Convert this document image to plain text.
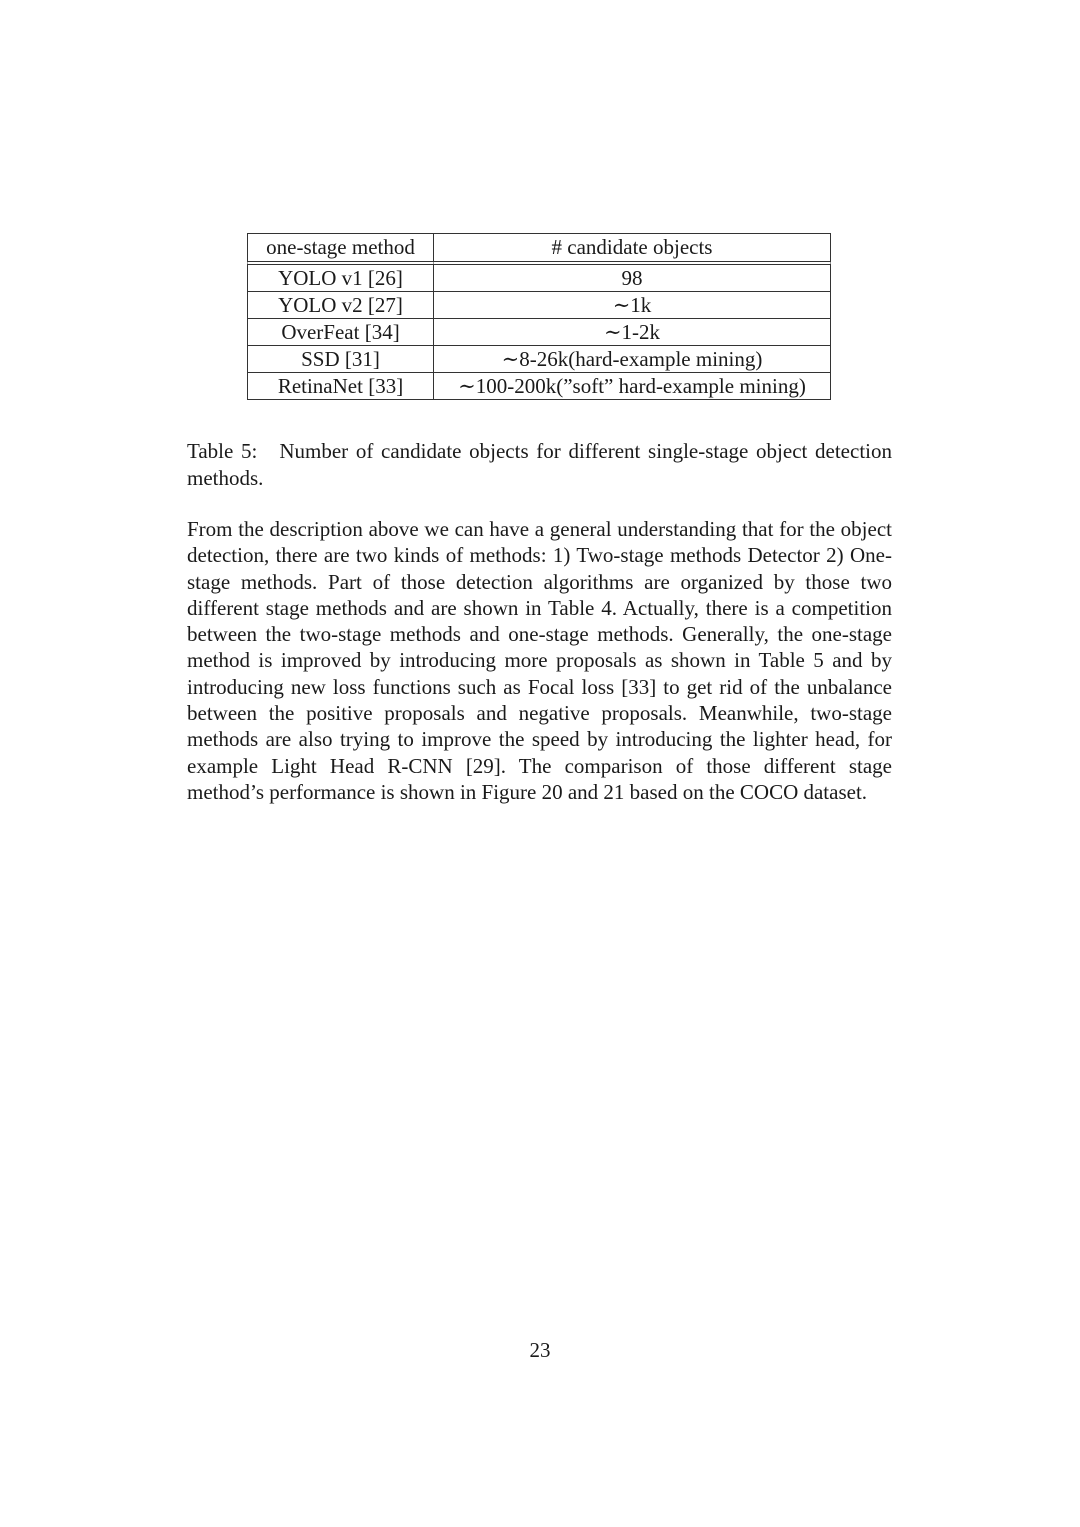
one-stage method	# candidate objects
YOLO v1 [26]	98
YOLO v2 [27]	∼1k
OverFeat [34]	∼1-2k
SSD [31]	∼8-26k(hard-example mining)
RetinaNet [33]	∼100-200k(”soft” hard-example mining)
Table 5: Number of candidate objects for different single-stage object detection methods.

From the description above we can have a general understanding that for the object detection, there are two kinds of methods: 1) Two-stage methods Detector 2) One-stage methods. Part of those detection algorithms are organized by those two different stage methods and are shown in Table 4. Actually, there is a competition between the two-stage methods and one-stage methods. Generally, the one-stage method is improved by introducing more proposals as shown in Table 5 and by introducing new loss functions such as Focal loss [33] to get rid of the unbalance between the positive proposals and negative proposals. Meanwhile, two-stage methods are also trying to improve the speed by introducing the lighter head, for example Light Head R-CNN [29]. The comparison of those different stage method’s performance is shown in Figure 20 and 21 based on the COCO dataset.

23
